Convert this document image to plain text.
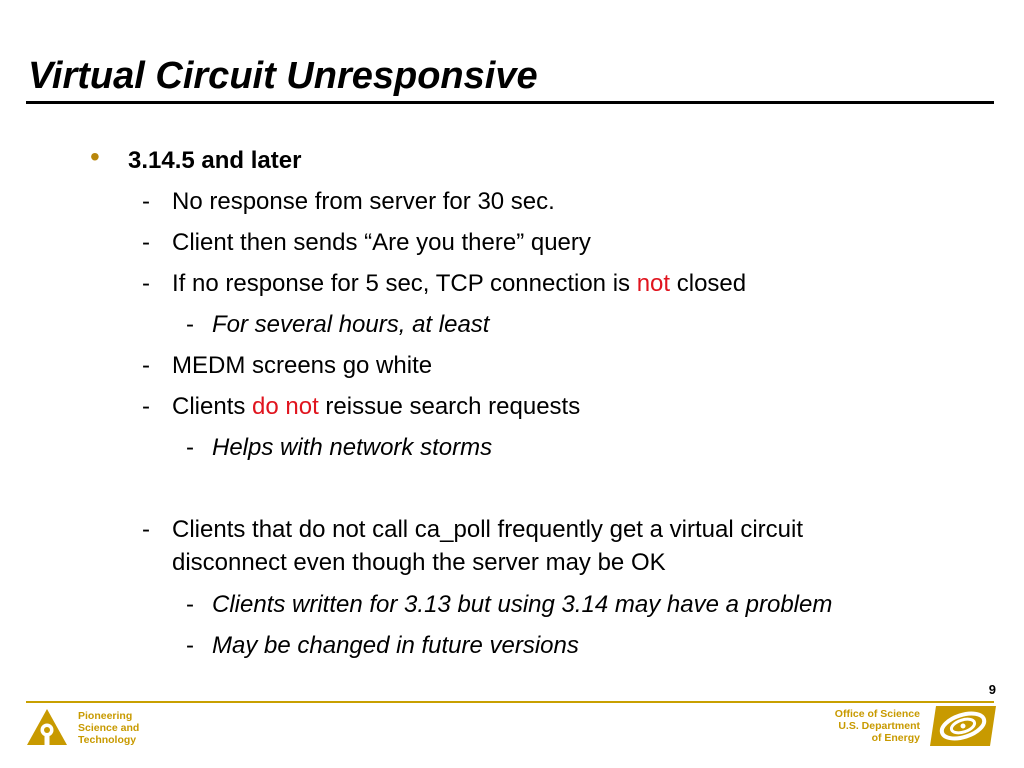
Virtual Circuit Unresponsive
• 3.14.5 and later
- No response from server for 30 sec.
- Client then sends “Are you there” query
- If no response for 5 sec, TCP connection is not closed
- For several hours, at least
- MEDM screens go white
- Clients do not reissue search requests
- Helps with network storms
- Clients that do not call ca_poll frequently get a virtual circuit
disconnect even though the server may be OK
- Clients written for 3.13 but using 3.14 may have a problem
- May be changed in future versions
9
Pioneering
Science and
Technology
Office of Science
U.S. Department
of Energy
